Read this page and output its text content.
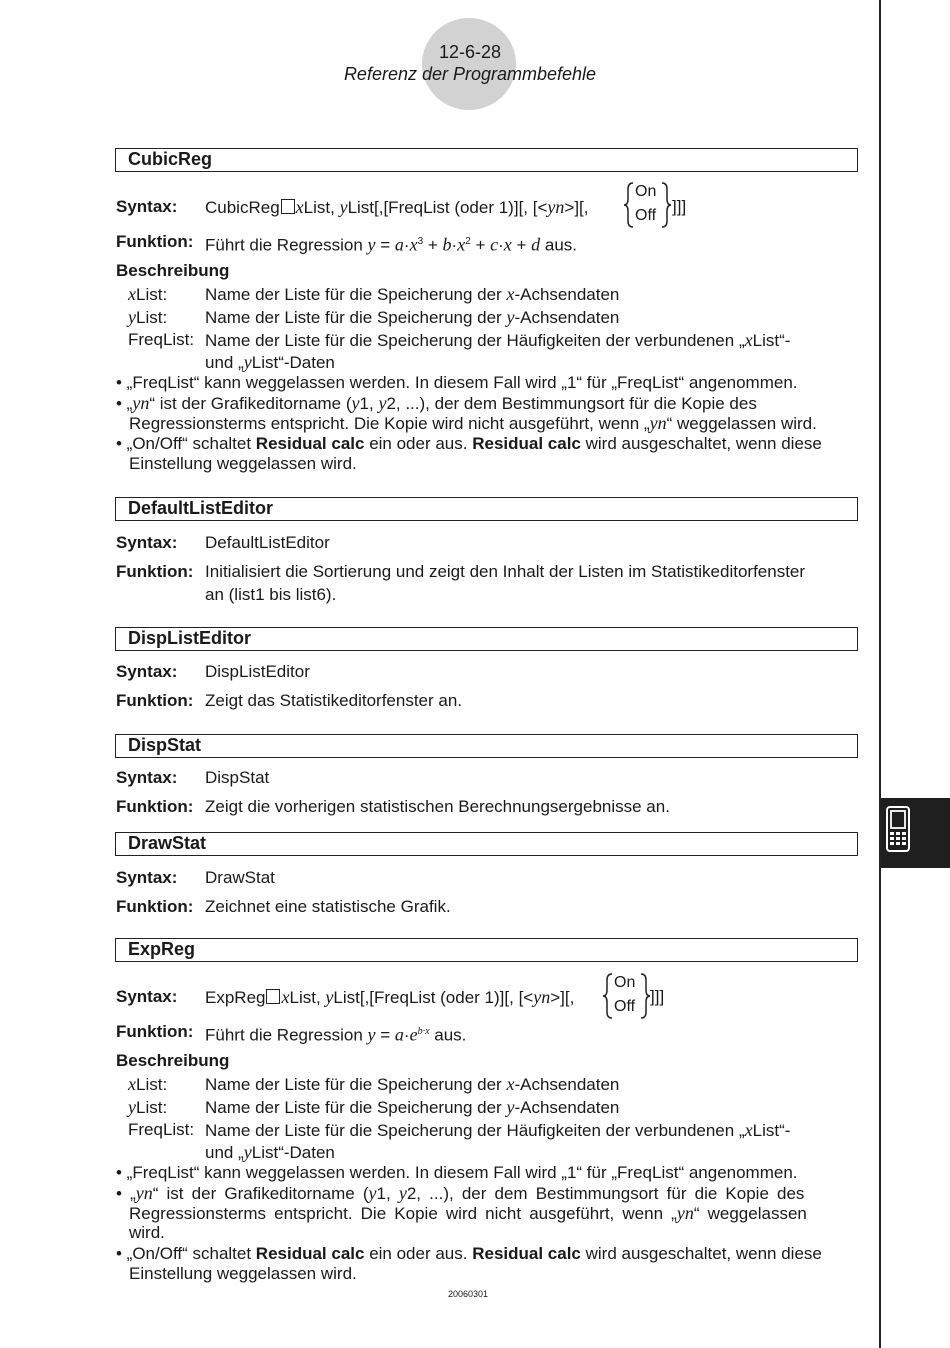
12-6-28
Referenz der Programmbefehle
CubicReg
Syntax: CubicReg xList, yList[,[FreqList (oder 1)][, [<yn>][,
On
Off ]]]
Funktion: Führt die Regression $y = a\cdot x^3 + b\cdot x^2 + c\cdot x + d$ aus.
Beschreibung
xList: Name der Liste für die Speicherung der x-Achsendaten
yList: Name der Liste für die Speicherung der y-Achsendaten
FreqList: Name der Liste für die Speicherung der Häufigkeiten der verbundenen „xList“-
und „yList“-Daten
• „FreqList“ kann weggelassen werden. In diesem Fall wird „1“ für „FreqList“ angenommen.
• „yn“ ist der Grafikeditorname (y1, y2, ...), der dem Bestimmungsort für die Kopie des
Regressionsterms entspricht. Die Kopie wird nicht ausgeführt, wenn „yn“ weggelassen wird.
• „On/Off“ schaltet Residual calc ein oder aus. Residual calc wird ausgeschaltet, wenn diese
Einstellung weggelassen wird.
DefaultListEditor
Syntax: DefaultListEditor
Funktion: Initialisiert die Sortierung und zeigt den Inhalt der Listen im Statistikeditorfenster
an (list1 bis list6).
DispListEditor
Syntax: DispListEditor
Funktion: Zeigt das Statistikeditorfenster an.
DispStat
Syntax: DispStat
Funktion: Zeigt die vorherigen statistischen Berechnungsergebnisse an.
DrawStat
Syntax: DrawStat
Funktion: Zeichnet eine statistische Grafik.
ExpReg
Syntax: ExpReg xList, yList[,[FreqList (oder 1)][, [<yn>][,
On
Off
]]]
Funktion: Führt die Regression $y = a\cdot e^{b\cdot x}$ aus.
Beschreibung
xList: Name der Liste für die Speicherung der x-Achsendaten
yList: Name der Liste für die Speicherung der y-Achsendaten
FreqList: Name der Liste für die Speicherung der Häufigkeiten der verbundenen „xList“-
und „yList“-Daten
• „FreqList“ kann weggelassen werden. In diesem Fall wird „1“ für „FreqList“ angenommen.
• „yn“ ist der Grafikeditorname (y1, y2, ...), der dem Bestimmungsort für die Kopie des
Regressionsterms entspricht. Die Kopie wird nicht ausgeführt, wenn „yn“ weggelassen
wird.
• „On/Off“ schaltet Residual calc ein oder aus. Residual calc wird ausgeschaltet, wenn diese
Einstellung weggelassen wird.
20060301
